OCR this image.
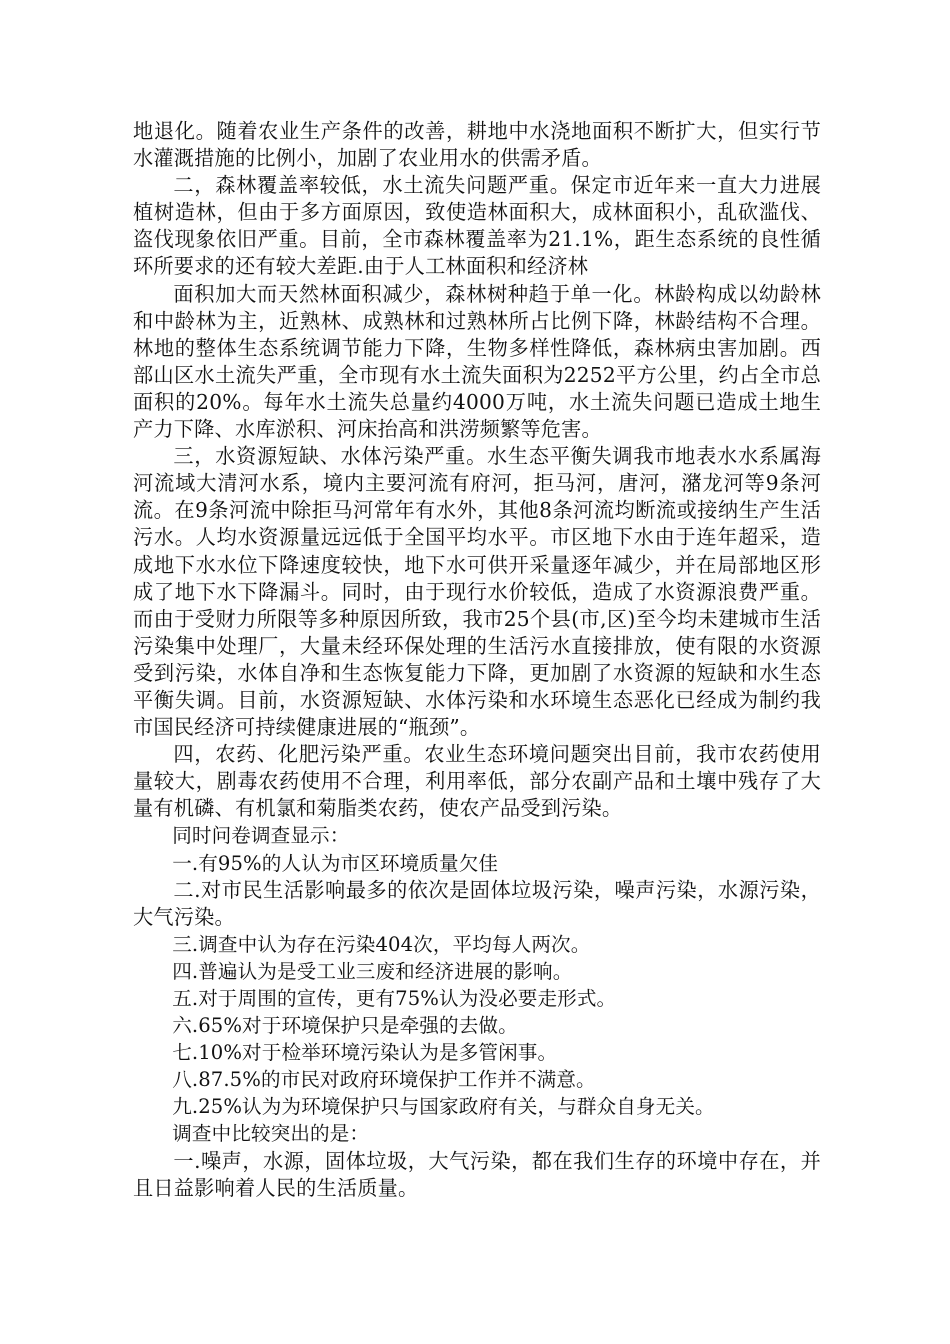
地退化。随着农业生产条件的改善，耕地中水浇地面积不断扩大，但实行节水灌溉措施的比例小，加剧了农业用水的供需矛盾。

二，森林覆盖率较低，水土流失问题严重。保定市近年来一直大力进展植树造林，但由于多方面原因，致使造林面积大，成林面积小，乱砍滥伐、盗伐现象依旧严重。目前，全市森林覆盖率为21.1%，距生态系统的良性循环所要求的还有较大差距.由于人工林面积和经济林

面积加大而天然林面积减少，森林树种趋于单一化。林龄构成以幼龄林和中龄林为主，近熟林、成熟林和过熟林所占比例下降，林龄结构不合理。林地的整体生态系统调节能力下降，生物多样性降低，森林病虫害加剧。西部山区水土流失严重，全市现有水土流失面积为2252平方公里，约占全市总面积的20%。每年水土流失总量约4000万吨，水土流失问题已造成土地生产力下降、水库淤积、河床抬高和洪涝频繁等危害。

三，水资源短缺、水体污染严重。水生态平衡失调我市地表水水系属海河流域大清河水系，境内主要河流有府河，拒马河，唐河，潴龙河等9条河流。在9条河流中除拒马河常年有水外，其他8条河流均断流或接纳生产生活污水。人均水资源量远远低于全国平均水平。市区地下水由于连年超采，造成地下水水位下降速度较快，地下水可供开采量逐年减少，并在局部地区形成了地下水下降漏斗。同时，由于现行水价较低，造成了水资源浪费严重。而由于受财力所限等多种原因所致，我市25个县(市,区)至今均未建城市生活污染集中处理厂，大量未经环保处理的生活污水直接排放，使有限的水资源受到污染，水体自净和生态恢复能力下降，更加剧了水资源的短缺和水生态平衡失调。目前，水资源短缺、水体污染和水环境生态恶化已经成为制约我市国民经济可持续健康进展的“瓶颈”。

四，农药、化肥污染严重。农业生态环境问题突出目前，我市农药使用量较大，剧毒农药使用不合理，利用率低，部分农副产品和土壤中残存了大量有机磷、有机氯和菊脂类农药，使农产品受到污染。

同时问卷调查显示：

一.有95%的人认为市区环境质量欠佳

二.对市民生活影响最多的依次是固体垃圾污染，噪声污染，水源污染，大气污染。

三.调查中认为存在污染404次，平均每人两次。

四.普遍认为是受工业三废和经济进展的影响。

五.对于周围的宣传，更有75%认为没必要走形式。

六.65%对于环境保护只是牵强的去做。

七.10%对于检举环境污染认为是多管闲事。

八.87.5%的市民对政府环境保护工作并不满意。

九.25%认为为环境保护只与国家政府有关，与群众自身无关。

调查中比较突出的是：

一.噪声，水源，固体垃圾，大气污染，都在我们生存的环境中存在，并且日益影响着人民的生活质量。
